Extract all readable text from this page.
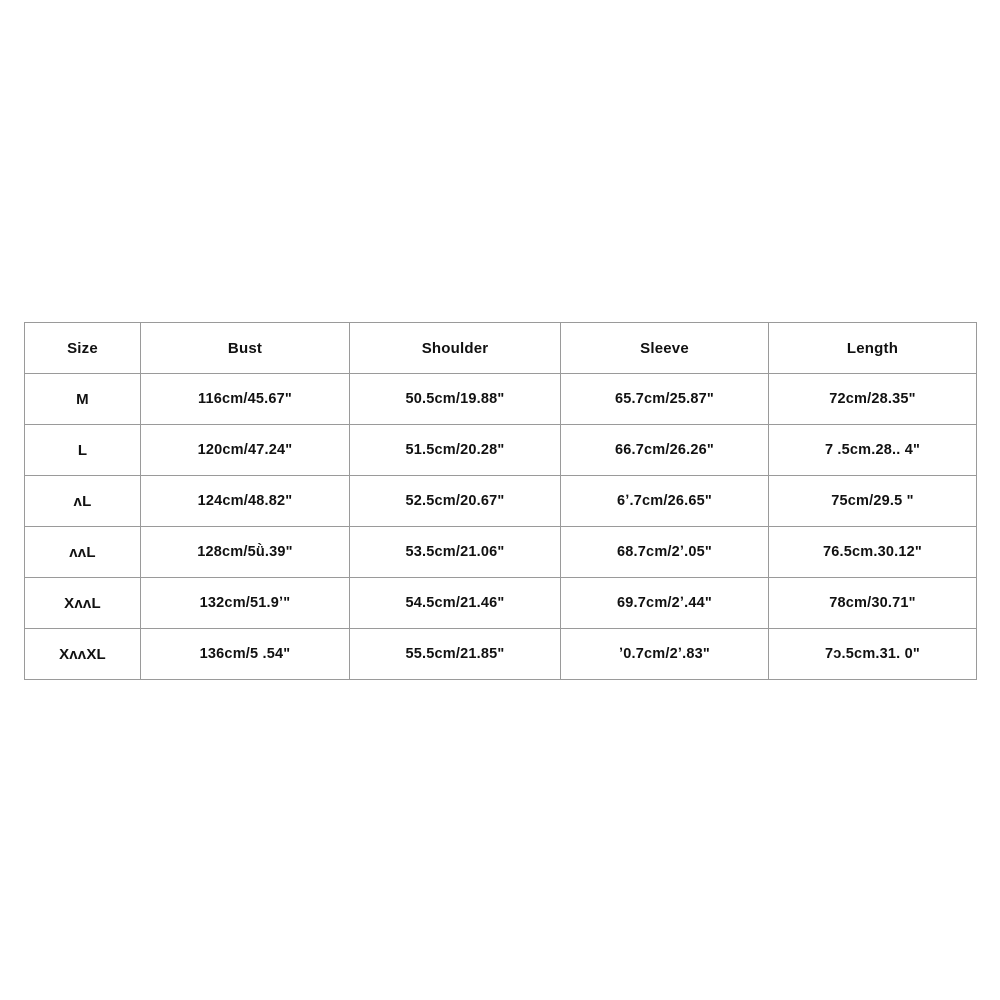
Size	Bust	Shoulder	Sleeve	Length
M	116cm/45.67"	50.5cm/19.88"	65.7cm/25.87"	72cm/28.35"
L	120cm/47.24"	51.5cm/20.28"	66.7cm/26.26"	7 .5cm.28.. 4"
ʌL	124cm/48.82"	52.5cm/20.67"	6ʼ.7cm/26.65"	75cm/29.5 "
ʌʌL	128cm/5ǜ.39"	53.5cm/21.06"	68.7cm/2ʼ.05"	76.5cm.30.12"
XʌʌL	132cm/51.9ʼ"	54.5cm/21.46"	69.7cm/2ʼ.44"	78cm/30.71"
XʌʌXL	136cm/5 .54"	55.5cm/21.85"	ʼ0.7cm/2ʼ.83"	7ɔ.5cm.31. 0"
